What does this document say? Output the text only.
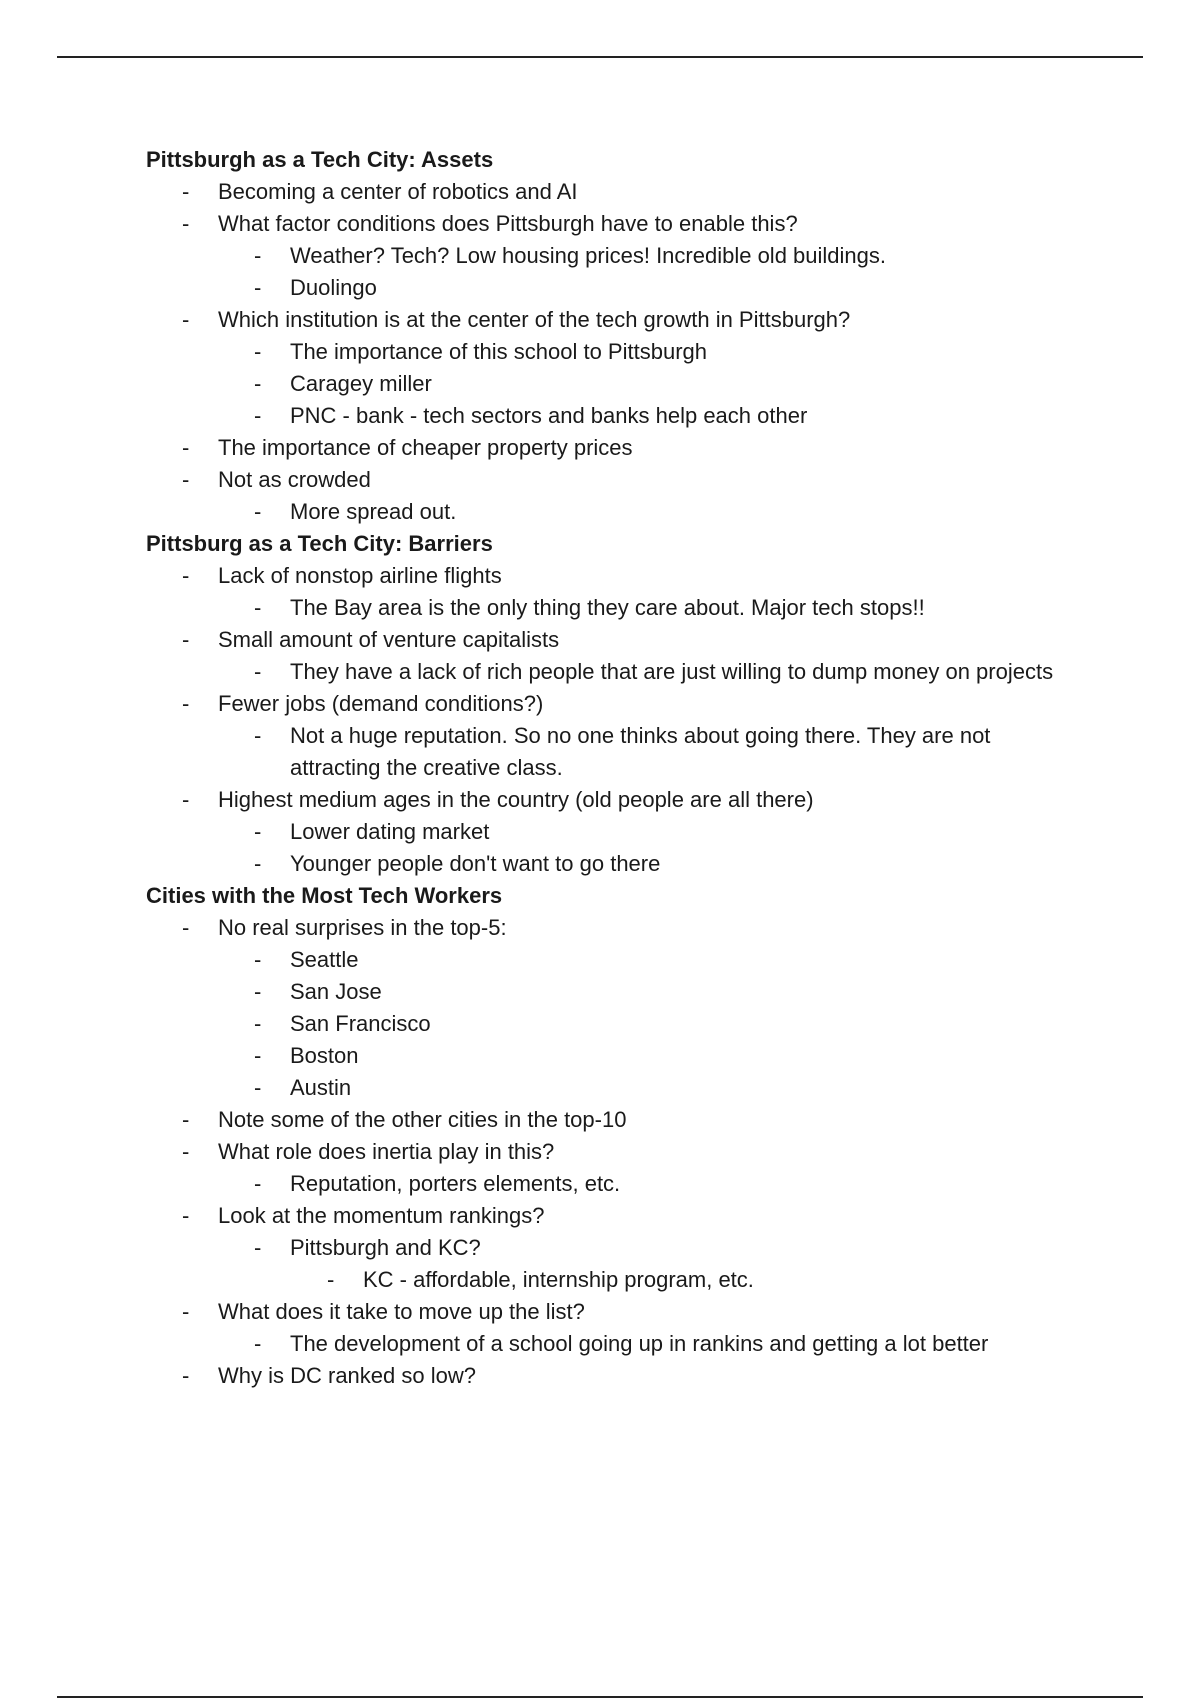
Pittsburgh as a Tech City: Assets
-	Becoming a center of robotics and AI
-	What factor conditions does Pittsburgh have to enable this?
-	Weather? Tech? Low housing prices! Incredible old buildings.
-	Duolingo
-	Which institution is at the center of the tech growth in Pittsburgh?
-	The importance of this school to Pittsburgh
-	Caragey miller
-	PNC - bank - tech sectors and banks help each other
-	The importance of cheaper property prices
-	Not as crowded
-	More spread out.
Pittsburg as a Tech City: Barriers
-	Lack of nonstop airline flights
-	The Bay area is the only thing they care about. Major tech stops!!
-	Small amount of venture capitalists
-	They have a lack of rich people that are just willing to dump money on projects
-	Fewer jobs (demand conditions?)
-	Not a huge reputation. So no one thinks about going there. They are not attracting the creative class.
-	Highest medium ages in the country (old people are all there)
-	Lower dating market
-	Younger people don't want to go there
Cities with the Most Tech Workers
-	No real surprises in the top-5:
-	Seattle
-	San Jose
-	San Francisco
-	Boston
-	Austin
-	Note some of the other cities in the top-10
-	What role does inertia play in this?
-	Reputation, porters elements, etc.
-	Look at the momentum rankings?
-	Pittsburgh and KC?
-	KC - affordable, internship program, etc.
-	What does it take to move up the list?
-	The development of a school going up in rankins and getting a lot better
-	Why is DC ranked so low?
